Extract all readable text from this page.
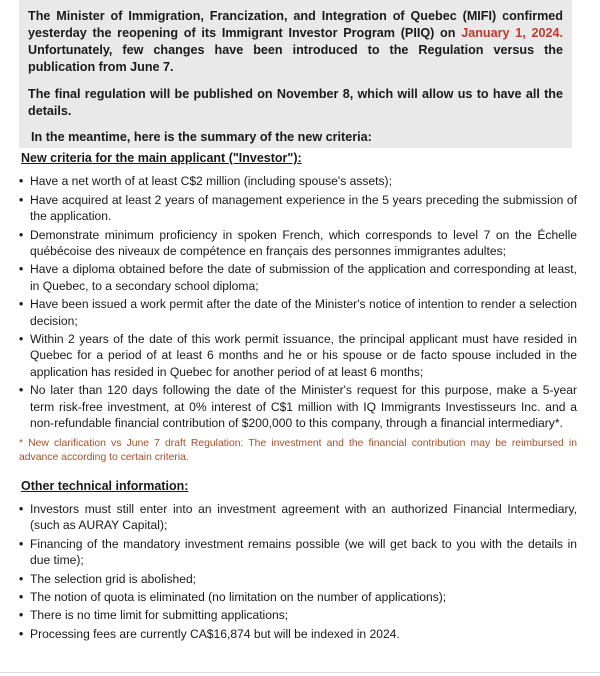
The Minister of Immigration, Francization, and Integration of Quebec (MIFI) confirmed yesterday the reopening of its Immigrant Investor Program (PIIQ) on January 1, 2024. Unfortunately, few changes have been introduced to the Regulation versus the publication from June 7.

The final regulation will be published on November 8, which will allow us to have all the details.

In the meantime, here is the summary of the new criteria:

New criteria for the main applicant ("Investor"):
• Have a net worth of at least C$2 million (including spouse's assets);
• Have acquired at least 2 years of management experience in the 5 years preceding the submission of the application.
• Demonstrate minimum proficiency in spoken French, which corresponds to level 7 on the Échelle québécoise des niveaux de compétence en français des personnes immigrantes adultes;
• Have a diploma obtained before the date of submission of the application and corresponding at least, in Quebec, to a secondary school diploma;
• Have been issued a work permit after the date of the Minister's notice of intention to render a selection decision;
• Within 2 years of the date of this work permit issuance, the principal applicant must have resided in Quebec for a period of at least 6 months and he or his spouse or de facto spouse included in the application has resided in Quebec for another period of at least 6 months;
• No later than 120 days following the date of the Minister's request for this purpose, make a 5-year term risk-free investment, at 0% interest of C$1 million with IQ Immigrants Investisseurs Inc. and a non-refundable financial contribution of $200,000 to this company, through a financial intermediary*.
* New clarification vs June 7 draft Regulation: The investment and the financial contribution may be reimbursed in advance according to certain criteria.
Other technical information:
• Investors must still enter into an investment agreement with an authorized Financial Intermediary, (such as AURAY Capital);
• Financing of the mandatory investment remains possible (we will get back to you with the details in due time);
• The selection grid is abolished;
• The notion of quota is eliminated (no limitation on the number of applications);
• There is no time limit for submitting applications;
• Processing fees are currently CA$16,874 but will be indexed in 2024.
